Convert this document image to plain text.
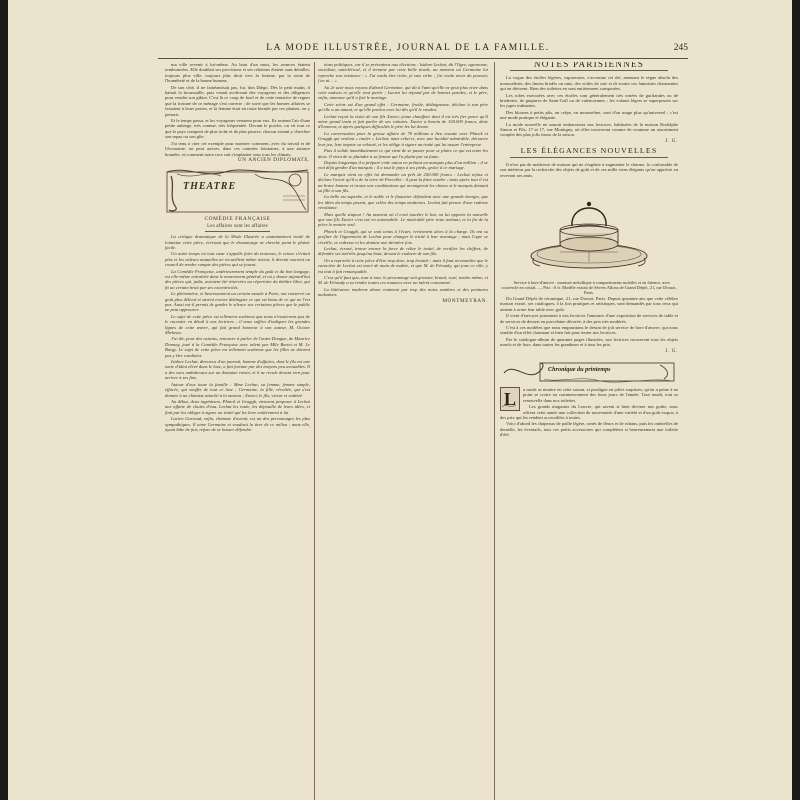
LA MODE ILLUSTRÉE, JOURNAL DE LA FAMILLE.	245

ma ville revenir à lui-même. Au bout d'un mois, les avances étaient rembourrées. Elle doublait ses provisions et ses relations étaient sans détailler, toujours plus ville, toujours plus droit vers la fortune, par la route de l'honnêteté et de la bonne humeur.

De son côté, il ne fainéantisait pas, lui, don Diègo. Dès le petit matin, il battait la broussaille, puis venait au-devant des voyageurs et des diligences pour vendre son gibier. C'est là ce coup de fusil et de cette tentative de regner que la fortune de ce ménage s'est ouverte ; de sorte que les bonnes affaires se faisaient à leurs portes, et la femme était en route bientôt par ces plaines, on y pensait.

Et le temps passa, et les voyageurs venaient pour eux. Ils avaient l'air d'une petite auberge, très connue, très fréquentée. Devant le porche, on vit tout ce que le pays comptait de plus riche et de plus pauvre, chacun venant y chercher son repas ou son gîte.

J'ai tenu à citer cet exemple pour montrer comment, avec du travail et de l'économie, on peut arriver, dans ces contrées lointaines, à une aisance honnête, et comment notre race sait s'implanter sous tous les climats.

UN ANCIEN DIPLOMATE.
THEATRE

COMÉDIE FRANÇAISE

Les affaires sont les affaires

La critique dramatique de la Mode Illustrée a unanimement traité de lointaine cette pièce, écrivant que le dramaturge ne cherche point le plaisir facile.

Un autre temps où tout cœur s'appelle faire du nouveau, le retour s'évitait plus et les valeurs mutuelles ne recueillent même avenir, il devrait souvent un conseil de rendre compte des pièces qui se jouent.

La Comédie Française, antérieurement temple du goût et du bon langage, est elle-même entraînée dans le mouvement général, et on y donne aujourd'hui des pièces qui, jadis, auraient été réservées au répertoire du théâtre libre, qui fit un certain bruit par ses excentricités.

Le phénomène, et heureusement un certain monde à Paris, ont conservé un goût plus délicat et savent encore distinguer ce qui est beau de ce qui ne l'est pas. Aussi est-il permis de garder le silence sur certaines pièces que le public ne peut approuver.

Le sujet de cette pièce est tellement scabreux que nous n'essaierons pas de le raconter en détail à nos lectrices ; il nous suffira d'indiquer les grandes lignes de cette œuvre, qui fait grand honneur à son auteur, M. Octave Mirbeau.

J'ai dit, pour des raisons, renoncer à parler de l'autre Dongue, de Maurice Donnay, joué à la Comédie Française avec talent par Mlle Bartet et M. Le Bargy. Le sujet de cette pièce est tellement scabreux que les filles ne doivent pas y être conduites.

Isidore Lechat, directeur d'un journal, homme d'affaires, dont le fils est une sorte d'idiot élevé dans le luxe, a fait fortune par des moyens peu avouables. Il a des vues ambitieuses sur un domaine voisin, et il ne recule devant rien pour arriver à ses fins.

Autour d'eux toute la famille : Mme Lechat, sa femme, femme simple, effacée, qui souffre de tout ce luxe ; Germaine, la fille, révoltée, qui s'est donnée à un chimiste attaché à la maison ; Xavier, le fils, viveur et endetté.

Au début, deux ingénieurs, Phinck et Gruggh, viennent proposer à Lechat une affaire de chutes d'eau. Lechat les roule, les dépouille de leurs idées, et finit par les obliger à signer un traité qui les livre entièrement à lui.

Lucien Garraud, enfin, chimiste d'avenir, est un des personnages les plus sympathiques. Il aime Germaine et voudrait la tirer de ce milieu ; mais elle, ayant hâte de fuir, refuse de se laisser défendre.

tions politiques, car il se présentera aux élections : Isidore Lechat, dit l'Ogre, agronome, socialiste, anticlérical, et il termine par cette belle tirade, au moment où Germaine lui reproche son existence : « J'ai voulu être riche, je suis riche ; j'ai voulu avoir du pouvoir, j'en ai… »

Au 2e acte nous voyons d'abord Germaine, qui dit à l'ami qu'elle ne peut plus vivre dans cette maison et qu'elle veut partir ; Lucien lui répond par de bonnes paroles, et le père, enfin, annonce qu'il a fixé le mariage.

Cette scène est d'un grand effet : Germaine, froide, dédaigneuse, déclare à son père qu'elle a un amant, et qu'elle partira avec lui dès qu'il le voudra.

Lechat reçoit la visite de son fils Xavier, jeune chauffeur dont il est très fier parce qu'il mène grand train et fait parler de ses voitures. Xavier a besoin de 100.000 francs, dette d'honneur, et après quelques difficultés le père les lui donne.

La conversation pour la grosse affaire de 70 millions a lieu ensuite avec Phinck et Gruggh qui veulent « rouler » Lechat, mais celui-ci, avec une lucidité admirable, découvre leur jeu, leur impose sa volonté, et les oblige à signer un traité qui lui assure l'entreprise.

Puis il solide immédiatement ce qui vient de se passer pour se plaire ce qui est entre les deux. Il vient de se plaindre à sa femme qui l'a plaint par sa faute.

Depuis longtemps il a préparé cette union en prêtant au marquis plus d'un million ; il se voit déjà gendre d'un marquis ; il a tout le pays à ses pieds, grâce à ce mariage.

Le marquis vient en effet lui demander un prêt de 200.000 francs : Lechat refuse et déclare l'avoir qu'il a de la terre de Porcellet : il peut la faire vendre ; mais après tout il est un brave homme et trouve une combinaison qui arrangerait les choses si le marquis donnait sa fille à son fils.

La belle est superbe, et le noble et le financier défendent avec une grande énergie, que les idées du temps posent, que celles des temps modernes. Lechat fait preuve d'une rudesse révoltante.

Mais quelle stupeur ! Au moment où il croit toucher le but, on lui apporte la nouvelle que son fils Xavier s'est tué en automobile. Le misérable père reste anéanti, et la fin de la pièce le montre seul.

Phinck et Gruggh, qui se sont tenus à l'écart, reviennent alors à la charge. Ils ont su profiter de l'égarement de Lechat pour changer le traité à leur avantage ; mais l'ogre se réveille, se redresse et les domine une dernière fois.

Lechat, écrasé, trouve encore la force de relire le traité, de rectifier les chiffres, de défendre ses intérêts jusqu'au bout, devant le cadavre de son fils.

On a reproché à cette pièce d'être trop dure, trop brutale ; mais il faut reconnaître que le caractère de Lechat est tracé de main de maître, et que M. de Féraudy, qui joue ce rôle, y est tout à fait remarquable.

C'est qu'il faut que, tour à tour, le personnage soit grossier, brutal, rusé, tendre même, et M. de Féraudy a su rendre toutes ces nuances avec un talent consommé.

La littérature moderne abuse vraiment par trop des notes sombres et des peintures malsaines.

MONTMEYRAN.
NOTES PARISIENNES

La vogue des étoffes légères, vaporeuses, s'accentue cet été, amenant le règne absolu des mousselines, des linons brodés ou unis, des voiles de soie et de toutes ces fantaisies charmantes qui en dérivent. Bien des toilettes en sont entièrement composées.

Les robes exécutées avec ces étoffes sont généralement très ornées de guirlandes ou de broderies, de guipures de Saint-Gall ou de valenciennes ; les volants légers se superposent sur les jupes traînantes.

Des blouses à petits plis, en crêpe, en mousseline, sont d'un usage plus qu'universel ; c'est une mode pratique et élégante.

La mode nouvelle ne saurait embarrasser nos lectrices, habituées de la maison Rodolphe Simon et Fils, 17 et 17, rue Montigny, où elles trouveront comme de coutume un assortiment complet des plus jolis tissus de la saison.

J. G.
LES ÉLÉGANCES NOUVELLES

Il n'est pas de maîtresse de maison qui ne s'ingénie à augmenter le charme, le confortable de son intérieur par la recherche des objets de goût et de ces mille riens élégants qu'on apprécie en recevant ses amis.

Service à hors-d'œuvre : monture métallique à compartiments mobiles et en faïence, avec couvercle en cristal. — Prix : 6 fr. Modèle extrait de Sèvres Allons de Grand Dépôt, 21, rue Drouot, Paris.

Du Grand Dépôt de céramique, 21, rue Drouot, Paris. Depuis quarante ans que cette célèbre maison existe, ses catalogues, à la fois pratiques et artistiques, sont demandés par tous ceux qui aiment à orner leur table avec goût.

Il vient d'envoyer justement à nos lectrices l'annonce d'une exposition de services de table et de services de dessert en porcelaine décorée, à des prix très modérés.

C'est à ces modèles que nous empruntons le dessin de joli service de hors-d'œuvre, qui nous semble d'un effet charmant et bien fait pour tenter nos lectrices.

Par le catalogue-album de quarante pages illustrées, nos lectrices trouveront tous les objets usuels et de luxe, dans toutes les grandeurs et à tous les prix.

J. G.
Chronique du printemps
L	a mode se montre en cette saison, si prodigue en jolies surprises, qu'on a peine à ne point se croire au commencement des bons jours de l'année. Tout renaît, tout se renouvelle dans nos toilettes.

Les grands magasins du Louvre, qui savent si bien deviner nos goûts, nous offrent cette année une collection de nouveautés d'une variété et d'un goût exquis, à des prix qui les rendent accessibles à toutes.

Voici d'abord les chapeaux de paille légère, ornés de fleurs et de rubans, puis les ombrelles de dentelle, les éventails, tous ces petits accessoires qui complètent si heureusement une toilette d'été.
